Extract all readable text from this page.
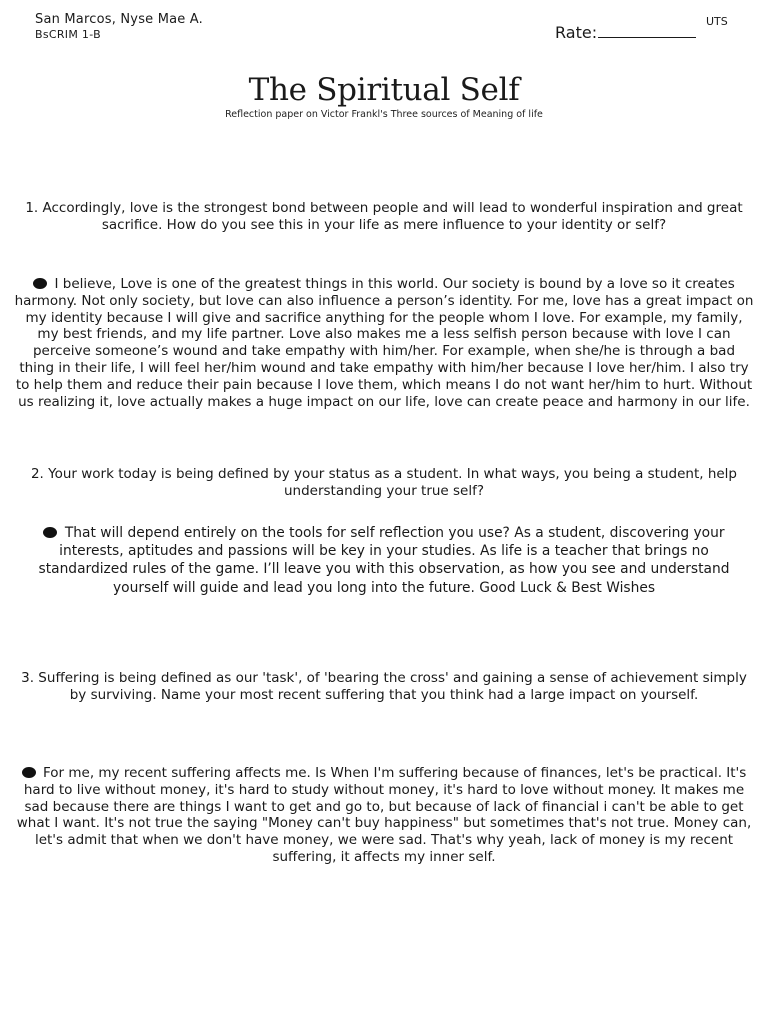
San Marcos, Nyse Mae A.
BsCRIM 1-B
UTS
Rate:
The Spiritual Self
Reflection paper on Victor Frankl's Three sources of Meaning of life

1. Accordingly, love is the strongest bond between people and will lead to wonderful inspiration and great sacrifice. How do you see this in your life as mere influence to your identity or self?

I believe, Love is one of the greatest things in this world. Our society is bound by a love so it creates harmony. Not only society, but love can also influence a person’s identity. For me, love has a great impact on my identity because I will give and sacrifice anything for the people whom I love. For example, my family, my best friends, and my life partner. Love also makes me a less selfish person because with love I can perceive someone’s wound and take empathy with him/her. For example, when she/he is through a bad thing in their life, I will feel her/him wound and take empathy with him/her because I love her/him. I also try to help them and reduce their pain because I love them, which means I do not want her/him to hurt. Without us realizing it, love actually makes a huge impact on our life, love can create peace and harmony in our life.

2. Your work today is being defined by your status as a student. In what ways, you being a student, help understanding your true self?

That will depend entirely on the tools for self reflection you use? As a student, discovering your interests, aptitudes and passions will be key in your studies. As life is a teacher that brings no standardized rules of the game. I’ll leave you with this observation, as how you see and understand yourself will guide and lead you long into the future. Good Luck & Best Wishes

3. Suffering is being defined as our 'task', of 'bearing the cross' and gaining a sense of achievement simply by surviving. Name your most recent suffering that you think had a large impact on yourself.

For me, my recent suffering affects me. Is When I'm suffering because of finances, let's be practical. It's hard to live without money, it's hard to study without money, it's hard to love without money. It makes me sad because there are things I want to get and go to, but because of lack of financial i can't be able to get what I want. It's not true the saying "Money can't buy happiness" but sometimes that's not true. Money can, let's admit that when we don't have money, we were sad. That's why yeah, lack of money is my recent suffering, it affects my inner self.
